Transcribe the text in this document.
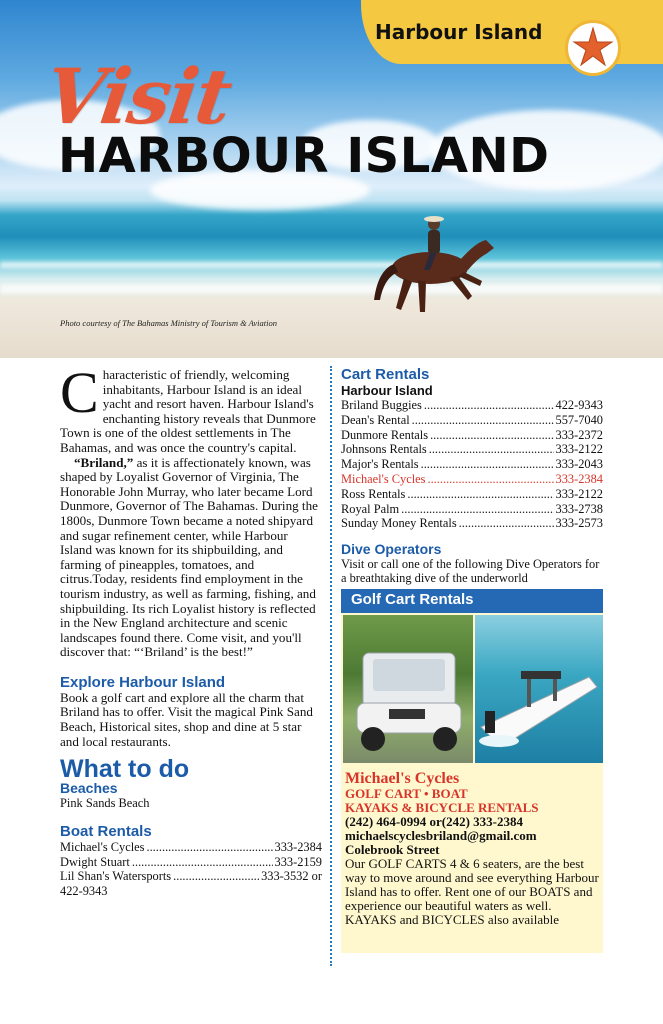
Harbour Island
Visit
HARBOUR ISLAND
Photo courtesy of The Bahamas Ministry of Tourism & Aviation
C haracteristic of friendly, welcoming inhabitants, Harbour Island is an ideal yacht and resort haven. Harbour Island's enchanting history reveals that Dunmore Town is one of the oldest settlements in The Bahamas, and was once the country's capital.

“Briland,” as it is affectionately known, was shaped by Loyalist Governor of Virginia, The Honorable John Murray, who later became Lord Dunmore, Governor of The Bahamas. During the 1800s, Dunmore Town became a noted shipyard and sugar refinement center, while Harbour Island was known for its shipbuilding, and farming of pineapples, tomatoes, and citrus.Today, residents find employment in the tourism industry, as well as farming, fishing, and shipbuilding. Its rich Loyalist history is reflected in the New England architecture and scenic landscapes found there. Come visit, and you'll discover that: “‘Briland’ is the best!”

Explore Harbour Island

Book a golf cart and explore all the charm that Briland has to offer. Visit the magical Pink Sand Beach, Historical sites, shop and dine at 5 star and local restaurants.

What to do

Beaches

Pink Sands Beach

Boat Rentals

Michael's Cycles .....	333-2384
Dwight Stuart .....	333-2159
Lil Shan's Watersports .....	333-3532 or
422-9343

Cart Rentals

Harbour Island

Briland Buggies .....	422-9343
Dean's Rental .....	557-7040
Dunmore Rentals .....	333-2372
Johnsons Rentals .....	333-2122
Major's Rentals .....	333-2043
Michael's Cycles .....	333-2384
Ross Rentals .....	333-2122
Royal Palm .....	333-2738
Sunday Money Rentals .....	333-2573

Dive Operators

Visit or call one of the following Dive Operators for a breathtaking dive of the underworld

Golf Cart Rentals
Michael's Cycles
GOLF CART • BOAT
KAYAKS & BICYCLE RENTALS
(242) 464-0994 or(242) 333-2384
michaelscyclesbriland@gmail.com
Colebrook Street

Our GOLF CARTS 4 & 6 seaters, are the best way to move around and see everything Harbour Island has to offer. Rent one of our BOATS and experience our beautiful waters as well. KAYAKS and BICYCLES also available
